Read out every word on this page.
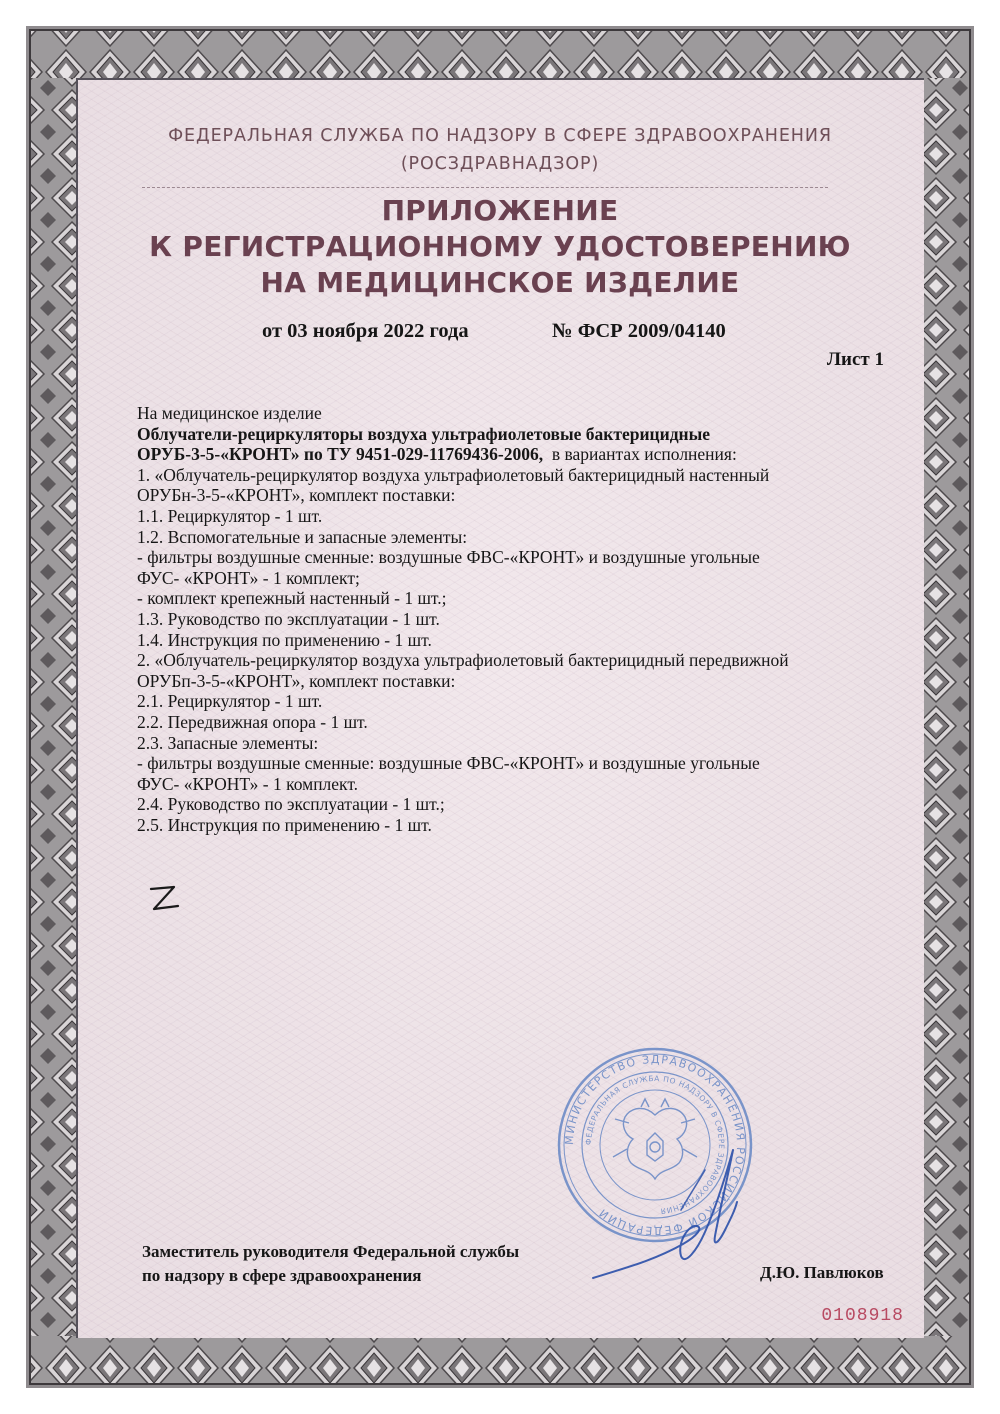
ФЕДЕРАЛЬНАЯ СЛУЖБА ПО НАДЗОРУ В СФЕРЕ ЗДРАВООХРАНЕНИЯ
(РОСЗДРАВНАДЗОР)
ПРИЛОЖЕНИЕ
К РЕГИСТРАЦИОННОМУ УДОСТОВЕРЕНИЮ
НА МЕДИЦИНСКОЕ ИЗДЕЛИЕ
от 03 ноября 2022 года	№ ФСР 2009/04140
Лист 1
На медицинское изделие
Облучатели-рециркуляторы воздуха ультрафиолетовые бактерицидные
ОРУБ-3-5-«КРОНТ» по ТУ 9451-029-11769436-2006,  в вариантах исполнения:
1. «Облучатель-рециркулятор воздуха ультрафиолетовый бактерицидный настенный
ОРУБн-3-5-«КРОНТ», комплект поставки:
1.1. Рециркулятор - 1 шт.
1.2. Вспомогательные и запасные элементы:
- фильтры воздушные сменные: воздушные ФВС-«КРОНТ» и воздушные угольные
ФУС- «КРОНТ» - 1 комплект;
- комплект крепежный настенный - 1 шт.;
1.3. Руководство по эксплуатации - 1 шт.
1.4. Инструкция по применению - 1 шт.
2. «Облучатель-рециркулятор воздуха ультрафиолетовый бактерицидный передвижной
ОРУБп-3-5-«КРОНТ», комплект поставки:
2.1. Рециркулятор - 1 шт.
2.2. Передвижная опора - 1 шт.
2.3. Запасные элементы:
- фильтры воздушные сменные: воздушные ФВС-«КРОНТ» и воздушные угольные
ФУС- «КРОНТ» - 1 комплект.
2.4. Руководство по эксплуатации - 1 шт.;
2.5. Инструкция по применению - 1 шт.
МИНИСТЕРСТВО ЗДРАВООХРАНЕНИЯ РОССИЙСКОЙ ФЕДЕРАЦИИ
ФЕДЕРАЛЬНАЯ СЛУЖБА ПО НАДЗОРУ В СФЕРЕ ЗДРАВООХРАНЕНИЯ
Заместитель руководителя Федеральной службы
по надзору в сфере здравоохранения	Д.Ю. Павлюков
0108918
